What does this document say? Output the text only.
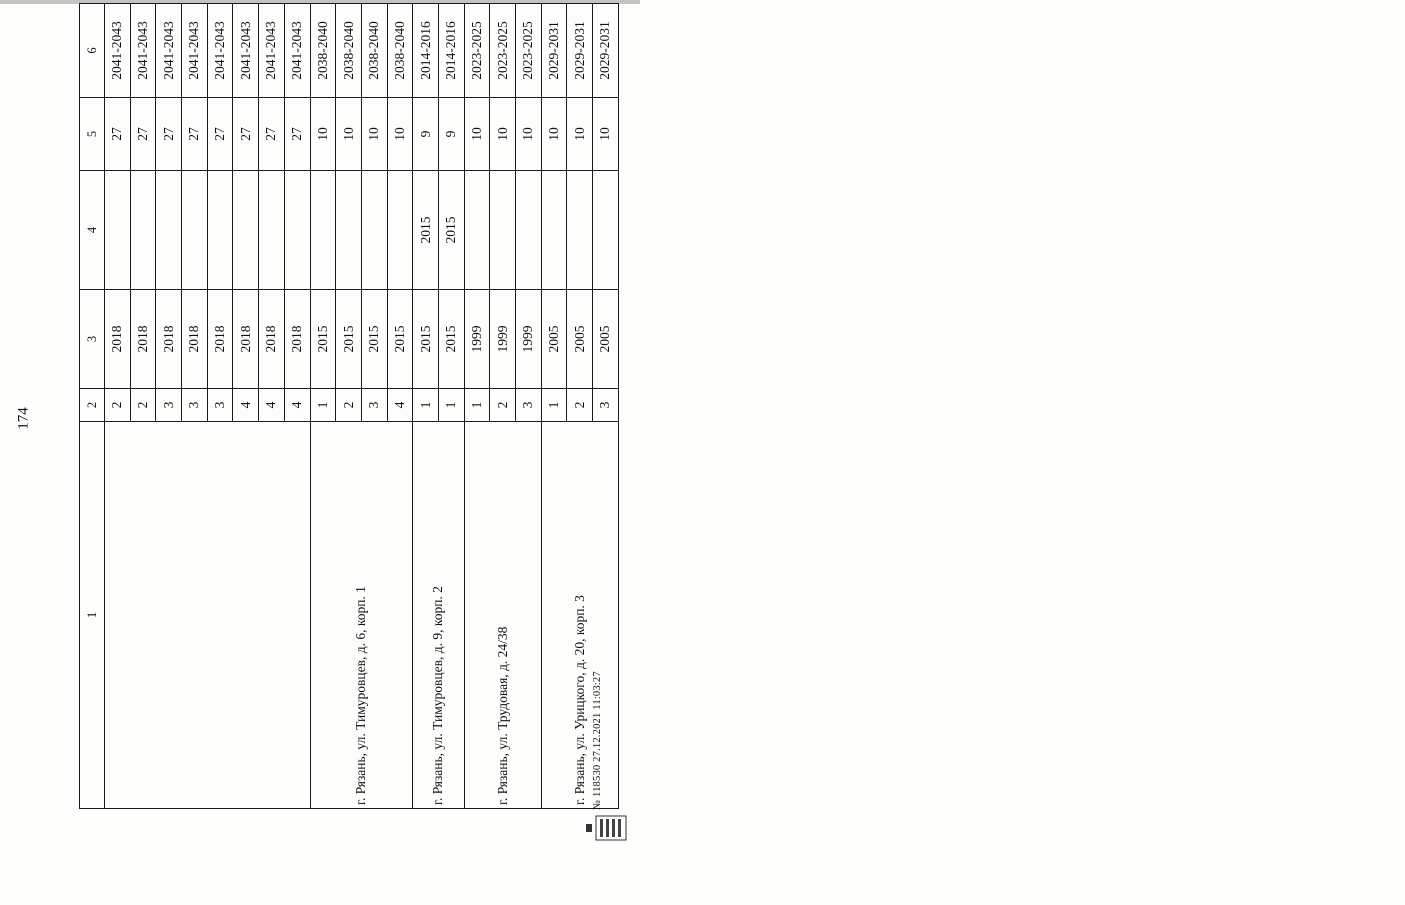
174
1	2	3	4	5	6
	2	2018		27	2041-2043
	2	2018		27	2041-2043
	3	2018		27	2041-2043
	3	2018		27	2041-2043
	3	2018		27	2041-2043
	4	2018		27	2041-2043
	4	2018		27	2041-2043
	4	2018		27	2041-2043
г. Рязань, ул. Тимуровцев, д. 6, корп. 1	1	2015		10	2038-2040
	2	2015		10	2038-2040
	3	2015		10	2038-2040
	4	2015		10	2038-2040
г. Рязань, ул. Тимуровцев, д. 9, корп. 2	1	2015	2015	9	2014-2016
	1	2015	2015	9	2014-2016
г. Рязань, ул. Трудовая, д. 24/38	1	1999		10	2023-2025
	2	1999		10	2023-2025
	3	1999		10	2023-2025
г. Рязань, ул. Урицкого, д. 20, корп. 3	1	2005		10	2029-2031
	2	2005		10	2029-2031
	3	2005		10	2029-2031
№ 118530 27.12.2021 11:03:27
